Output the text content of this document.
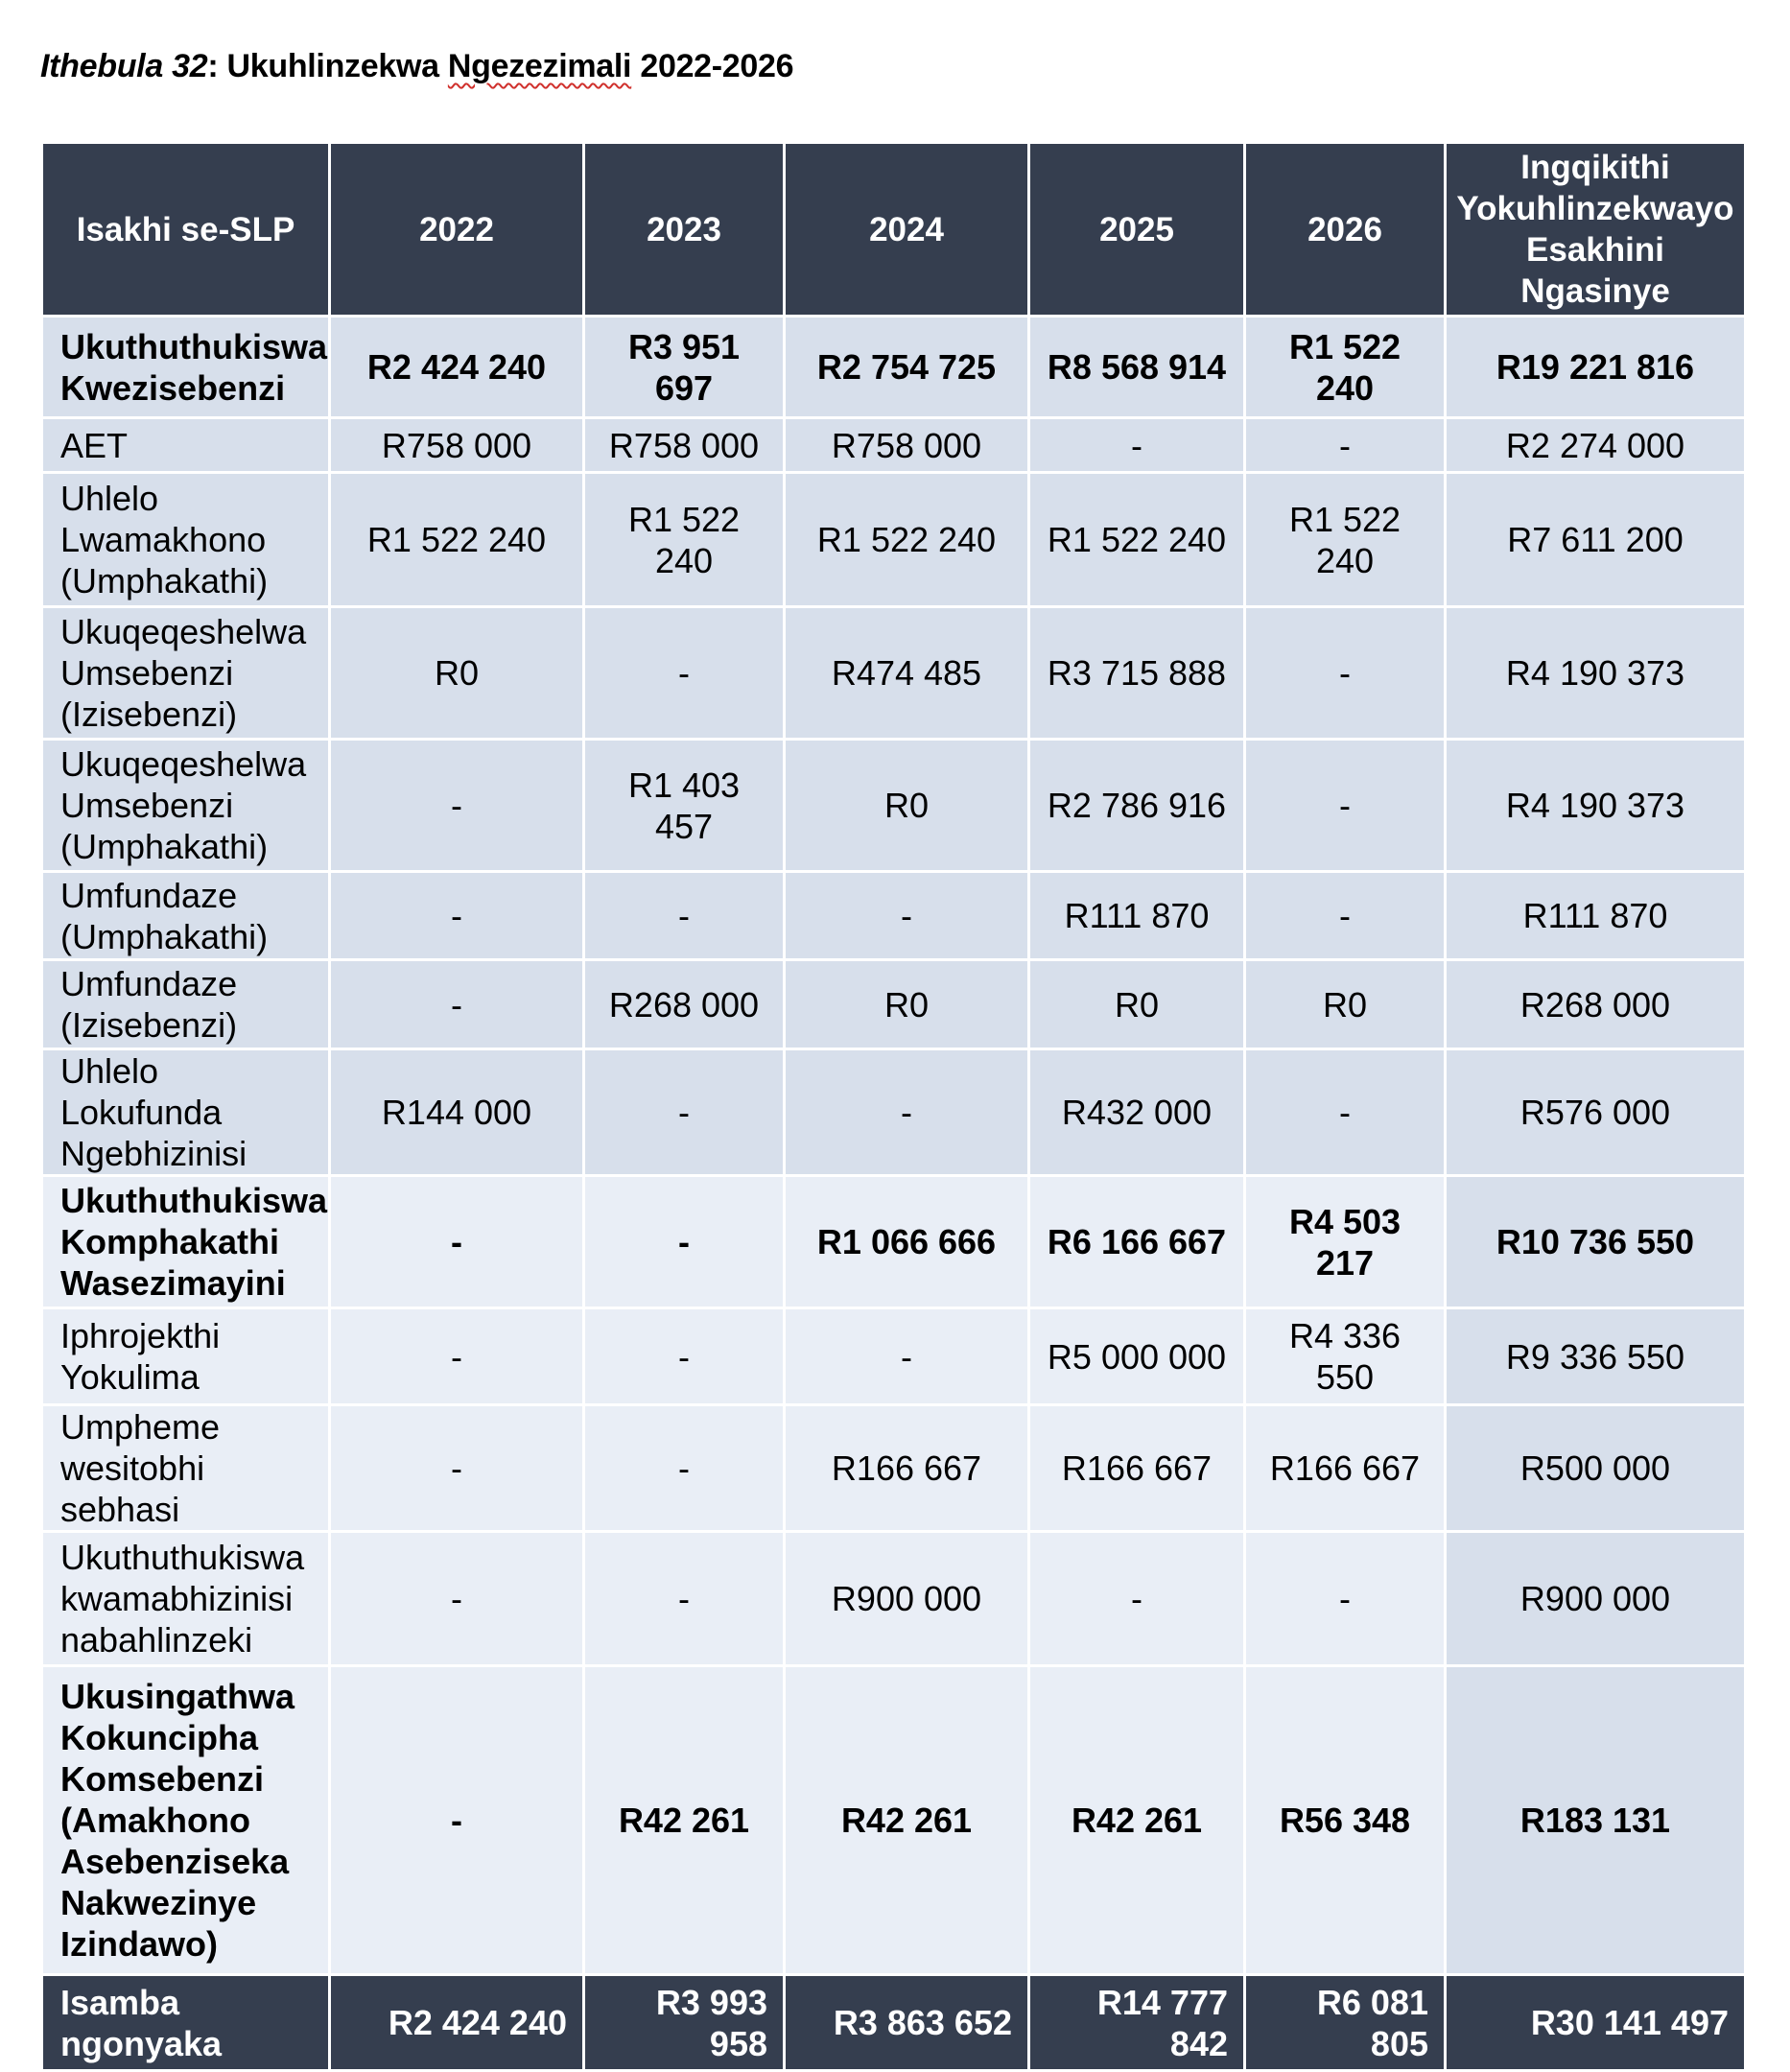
Ithebula 32: Ukuhlinzekwa Ngezezimali 2022-2026
Isakhi se-SLP	2022	2023	2024	2025	2026	Ingqikithi Yokuhlinzekwayo Esakhini Ngasinye
Ukuthuthukiswa Kwezisebenzi	R2 424 240	R3 951 697	R2 754 725	R8 568 914	R1 522 240	R19 221 816
AET	R758 000	R758 000	R758 000	-	-	R2 274 000
Uhlelo Lwamakhono (Umphakathi)	R1 522 240	R1 522 240	R1 522 240	R1 522 240	R1 522 240	R7 611 200
Ukuqeqeshelwa Umsebenzi (Izisebenzi)	R0	-	R474 485	R3 715 888	-	R4 190 373
Ukuqeqeshelwa Umsebenzi (Umphakathi)	-	R1 403 457	R0	R2 786 916	-	R4 190 373
Umfundaze (Umphakathi)	-	-	-	R111 870	-	R111 870
Umfundaze (Izisebenzi)	-	R268 000	R0	R0	R0	R268 000
Uhlelo Lokufunda Ngebhizinisi	R144 000	-	-	R432 000	-	R576 000
Ukuthuthukiswa Komphakathi Wasezimayini	-	-	R1 066 666	R6 166 667	R4 503 217	R10 736 550
Iphrojekthi Yokulima	-	-	-	R5 000 000	R4 336 550	R9 336 550
Umpheme wesitobhi sebhasi	-	-	R166 667	R166 667	R166 667	R500 000
Ukuthuthukiswa kwamabhizinisi nabahlinzeki	-	-	R900 000	-	-	R900 000
Ukusingathwa Kokuncipha Komsebenzi (Amakhono Asebenziseka Nakwezinye Izindawo)	-	R42 261	R42 261	R42 261	R56 348	R183 131
Isamba ngonyaka	R2 424 240	R3 993 958	R3 863 652	R14 777 842	R6 081 805	R30 141 497
